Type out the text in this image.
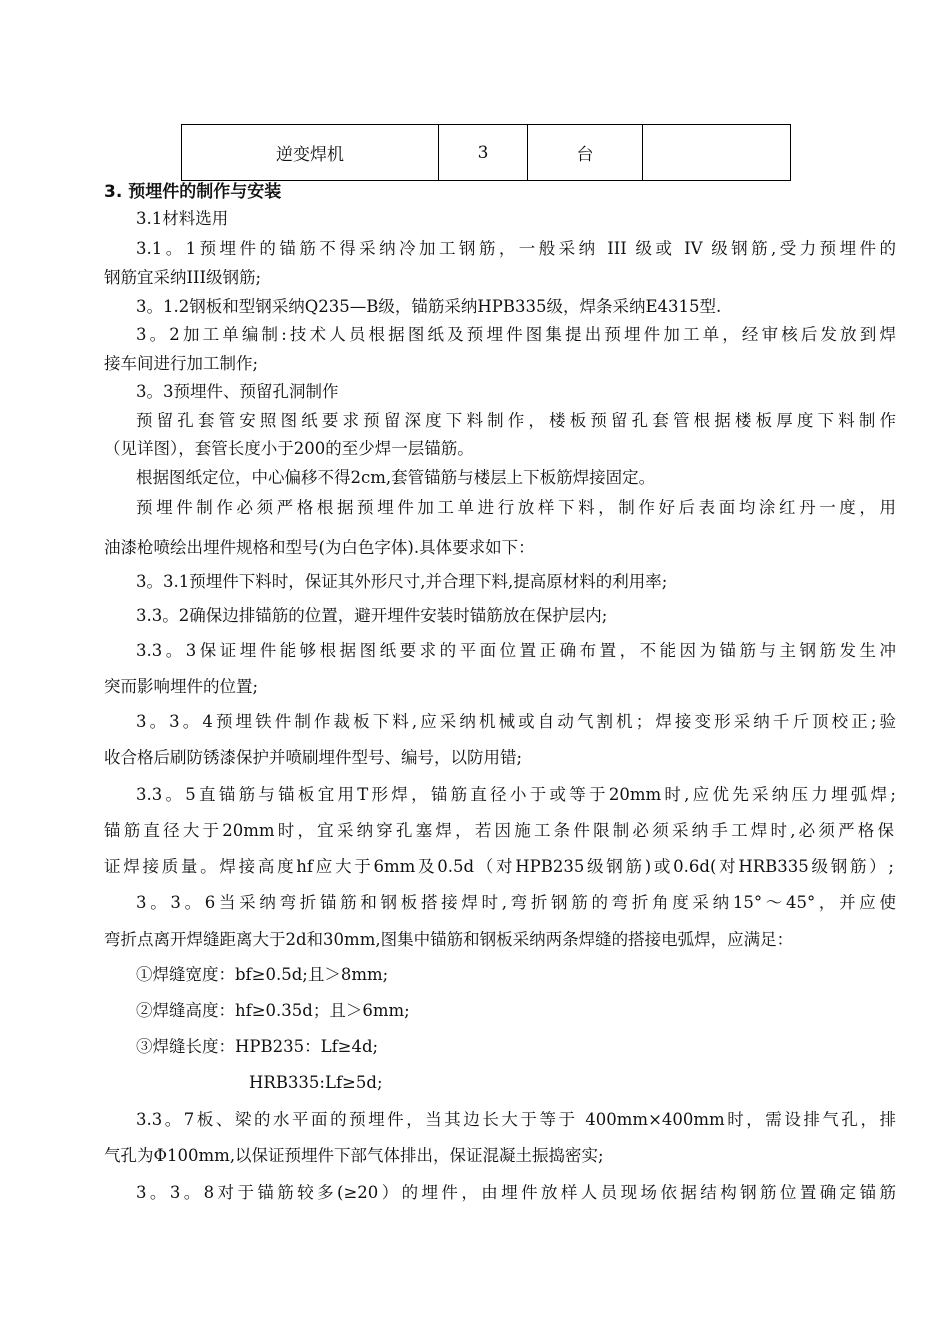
逆变焊机	3	台	
3. 预埋件的制作与安装
3.1材料选用
3.1。1预埋件的锚筋不得采纳冷加工钢筋，一般采纳 III 级或 IV 级钢筋,受力预埋件的
钢筋宜采纳III级钢筋;
3。1.2钢板和型钢采纳Q235—B级，锚筋采纳HPB335级，焊条采纳E4315型.
3。2加工单编制:技术人员根据图纸及预埋件图集提出预埋件加工单，经审核后发放到焊
接车间进行加工制作;
3。3预埋件、预留孔洞制作
预留孔套管安照图纸要求预留深度下料制作，楼板预留孔套管根据楼板厚度下料制作
（见详图），套管长度小于200的至少焊一层锚筋。
根据图纸定位，中心偏移不得2cm,套管锚筋与楼层上下板筋焊接固定。
预埋件制作必须严格根据预埋件加工单进行放样下料，制作好后表面均涂红丹一度，用
油漆枪喷绘出埋件规格和型号(为白色字体).具体要求如下：
3。3.1预埋件下料时，保证其外形尺寸,并合理下料,提高原材料的利用率;
3.3。2确保边排锚筋的位置，避开埋件安装时锚筋放在保护层内;
3.3。3保证埋件能够根据图纸要求的平面位置正确布置，不能因为锚筋与主钢筋发生冲
突而影响埋件的位置;
3。3。4预埋铁件制作裁板下料,应采纳机械或自动气割机；焊接变形采纳千斤顶校正;验
收合格后刷防锈漆保护并喷刷埋件型号、编号，以防用错;
3.3。5直锚筋与锚板宜用T形焊，锚筋直径小于或等于20mm时,应优先采纳压力埋弧焊;
锚筋直径大于20mm时，宜采纳穿孔塞焊，若因施工条件限制必须采纳手工焊时,必须严格保
证焊接质量。焊接高度hf应大于6mm及0.5d（对HPB235级钢筋)或0.6d(对HRB335级钢筋）;
3。3。6当采纳弯折锚筋和钢板搭接焊时,弯折钢筋的弯折角度采纳15°～45°，并应使
弯折点离开焊缝距离大于2d和30mm,图集中锚筋和钢板采纳两条焊缝的搭接电弧焊，应满足：
①焊缝宽度：bf≥0.5d;且＞8mm;
②焊缝高度：hf≥0.35d；且＞6mm;
③焊缝长度：HPB235：Lf≥4d;
HRB335:Lf≥5d;
3.3。7板、梁的水平面的预埋件，当其边长大于等于 400mm×400mm时，需设排气孔，排
气孔为Φ100mm,以保证预埋件下部气体排出，保证混凝土振捣密实;
3。3。8对于锚筋较多(≥20）的埋件，由埋件放样人员现场依据结构钢筋位置确定锚筋
